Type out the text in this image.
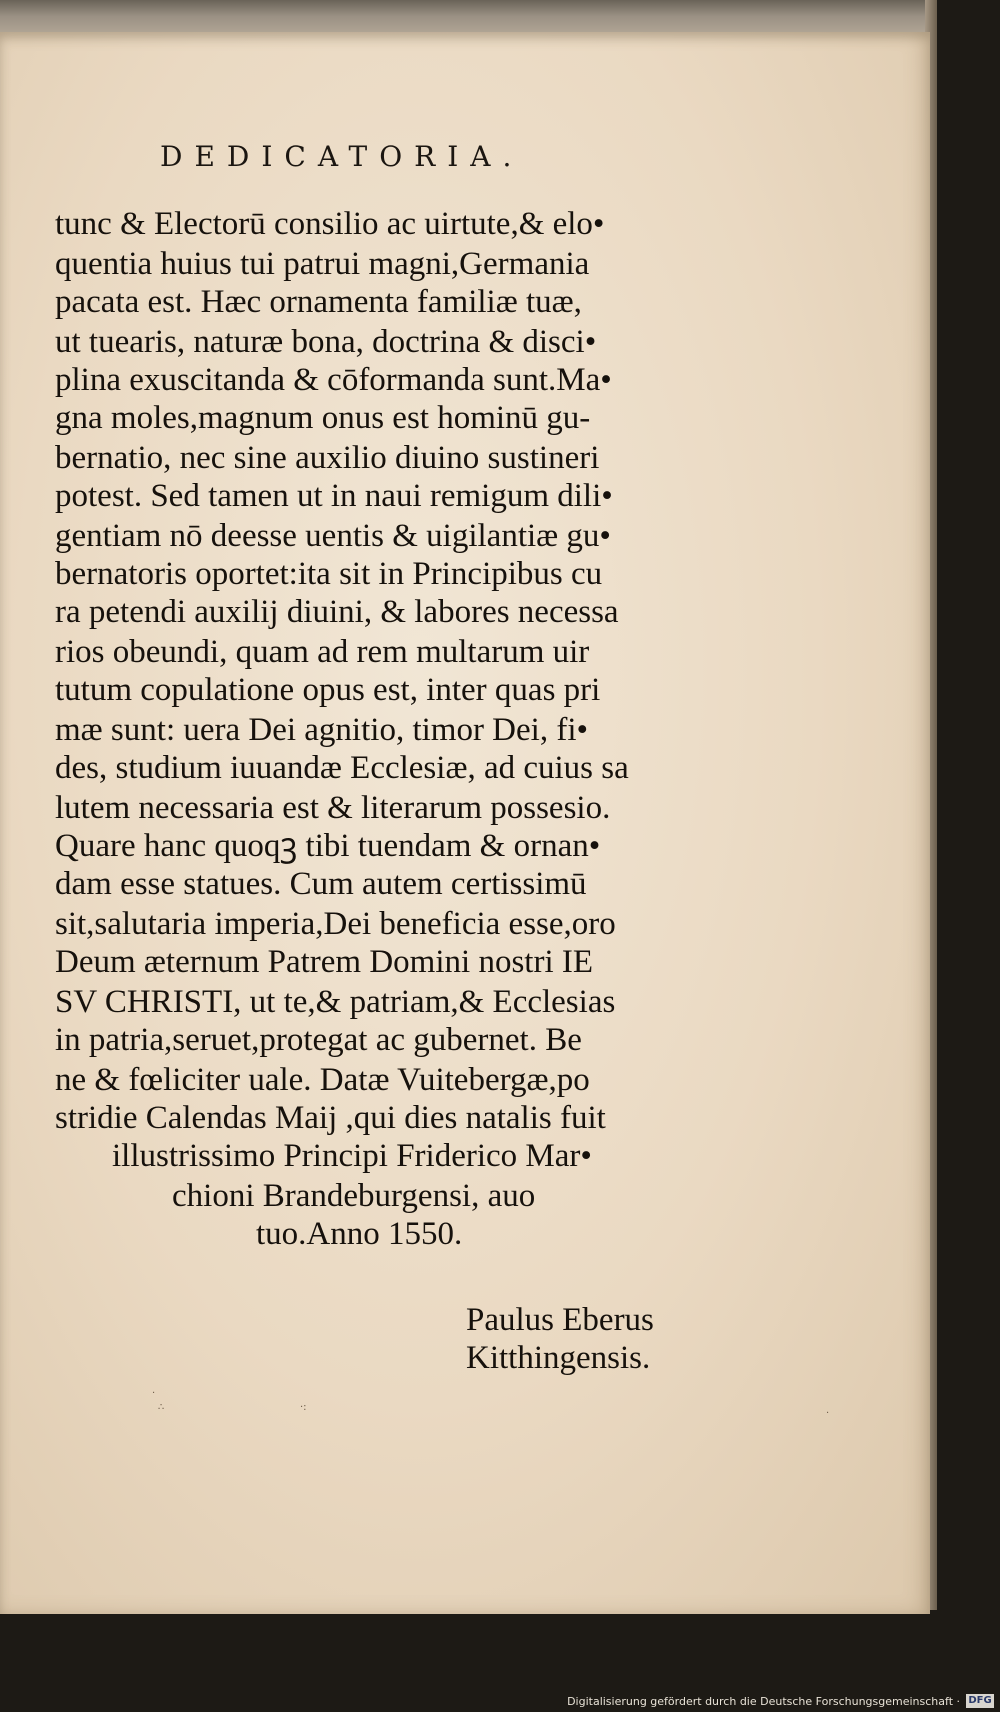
DEDICATORIA.
tunc & Electorū consilio ac uirtute,& elo•
quentia huius tui patrui magni,Germania
pacata est. Hæc ornamenta familiæ tuæ,
ut tuearis, naturæ bona, doctrina & disci•
plina exuscitanda & cōformanda sunt.Ma•
gna moles,magnum onus est hominū gu-
bernatio, nec sine auxilio diuino sustineri
potest. Sed tamen ut in naui remigum dili•
gentiam nō deesse uentis & uigilantiæ gu•
bernatoris oportet:ita sit in Principibus cu
ra petendi auxilij diuini, & labores necessa
rios obeundi, quam ad rem multarum uir
tutum copulatione opus est, inter quas pri
mæ sunt: uera Dei agnitio, timor Dei, fi•
des, studium iuuandæ Ecclesiæ, ad cuius sa
lutem necessaria est & literarum possesio.
Quare hanc quoqꝫ tibi tuendam & ornan•
dam esse statues. Cum autem certissimū
sit,salutaria imperia,Dei beneficia esse,oro
Deum æternum Patrem Domini nostri IE
SV CHRISTI, ut te,& patriam,& Ecclesias
in patria,seruet,protegat ac gubernet. Be
ne & fœliciter uale. Datæ Vuitebergæ,po
stridie Calendas Maij ,qui dies natalis fuit
illustrissimo Principi Friderico Mar•
chioni Brandeburgensi, auo
tuo.Anno 1550.
Paulus Eberus
Kitthingensis.
·
∴	·:
·
Digitalisierung gefördert durch die Deutsche Forschungsgemeinschaft · DFG
